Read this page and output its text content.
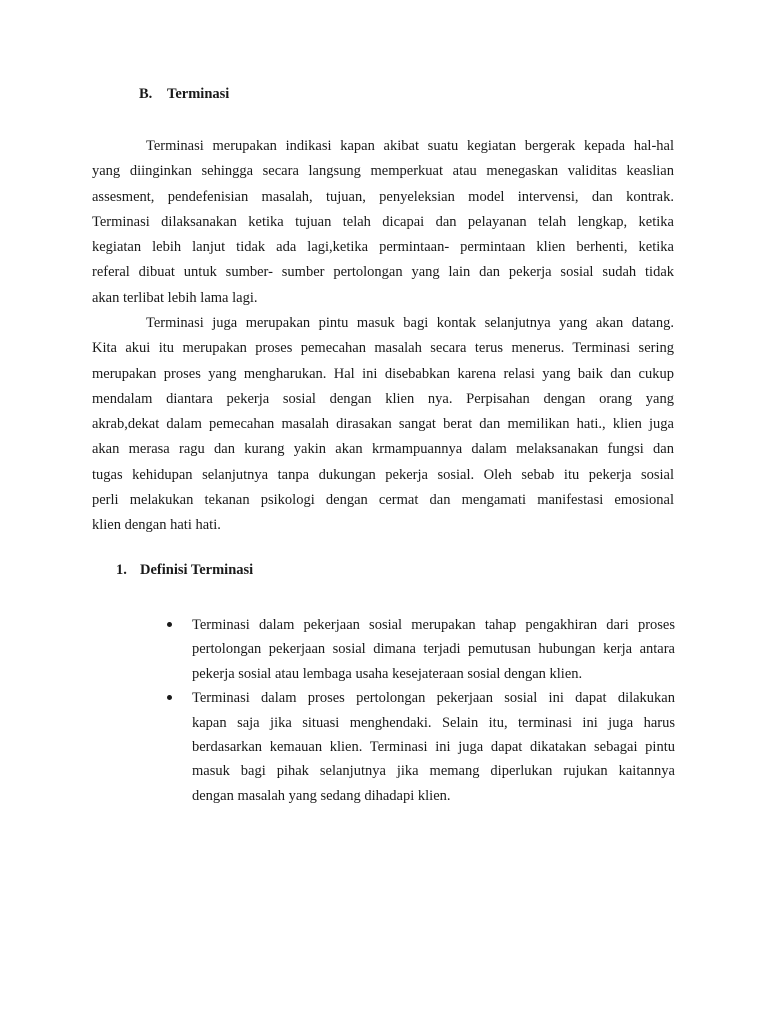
B. Terminasi
Terminasi merupakan indikasi kapan akibat suatu kegiatan bergerak kepada hal-hal
yang diinginkan sehingga secara langsung memperkuat atau menegaskan validitas keaslian
assesment, pendefenisian masalah, tujuan, penyeleksian model intervensi, dan kontrak.
Terminasi dilaksanakan ketika tujuan telah dicapai dan pelayanan telah lengkap, ketika
kegiatan lebih lanjut tidak ada lagi,ketika permintaan- permintaan klien berhenti, ketika
referal dibuat untuk sumber- sumber pertolongan yang lain dan pekerja sosial sudah tidak
akan terlibat lebih lama lagi.
Terminasi juga merupakan pintu masuk bagi kontak selanjutnya yang akan datang.
Kita akui itu merupakan proses pemecahan masalah secara terus menerus. Terminasi sering
merupakan proses yang mengharukan. Hal ini disebabkan karena relasi yang baik dan cukup
mendalam diantara pekerja sosial dengan klien nya. Perpisahan dengan orang yang
akrab,dekat dalam pemecahan masalah dirasakan sangat berat dan memilikan hati., klien juga
akan merasa ragu dan kurang yakin akan krmampuannya dalam melaksanakan fungsi dan
tugas kehidupan selanjutnya tanpa dukungan pekerja sosial. Oleh sebab itu pekerja sosial
perli melakukan tekanan psikologi dengan cermat dan mengamati manifestasi emosional
klien dengan hati hati.
1. Definisi Terminasi
Terminasi dalam pekerjaan sosial merupakan tahap pengakhiran dari proses
pertolongan pekerjaan sosial dimana terjadi pemutusan hubungan kerja antara
pekerja sosial atau lembaga usaha kesejateraan sosial dengan klien.
Terminasi dalam proses pertolongan pekerjaan sosial ini dapat dilakukan
kapan saja jika situasi menghendaki. Selain itu, terminasi ini juga harus
berdasarkan kemauan klien. Terminasi ini juga dapat dikatakan sebagai pintu
masuk bagi pihak selanjutnya jika memang diperlukan rujukan kaitannya
dengan masalah yang sedang dihadapi klien.
